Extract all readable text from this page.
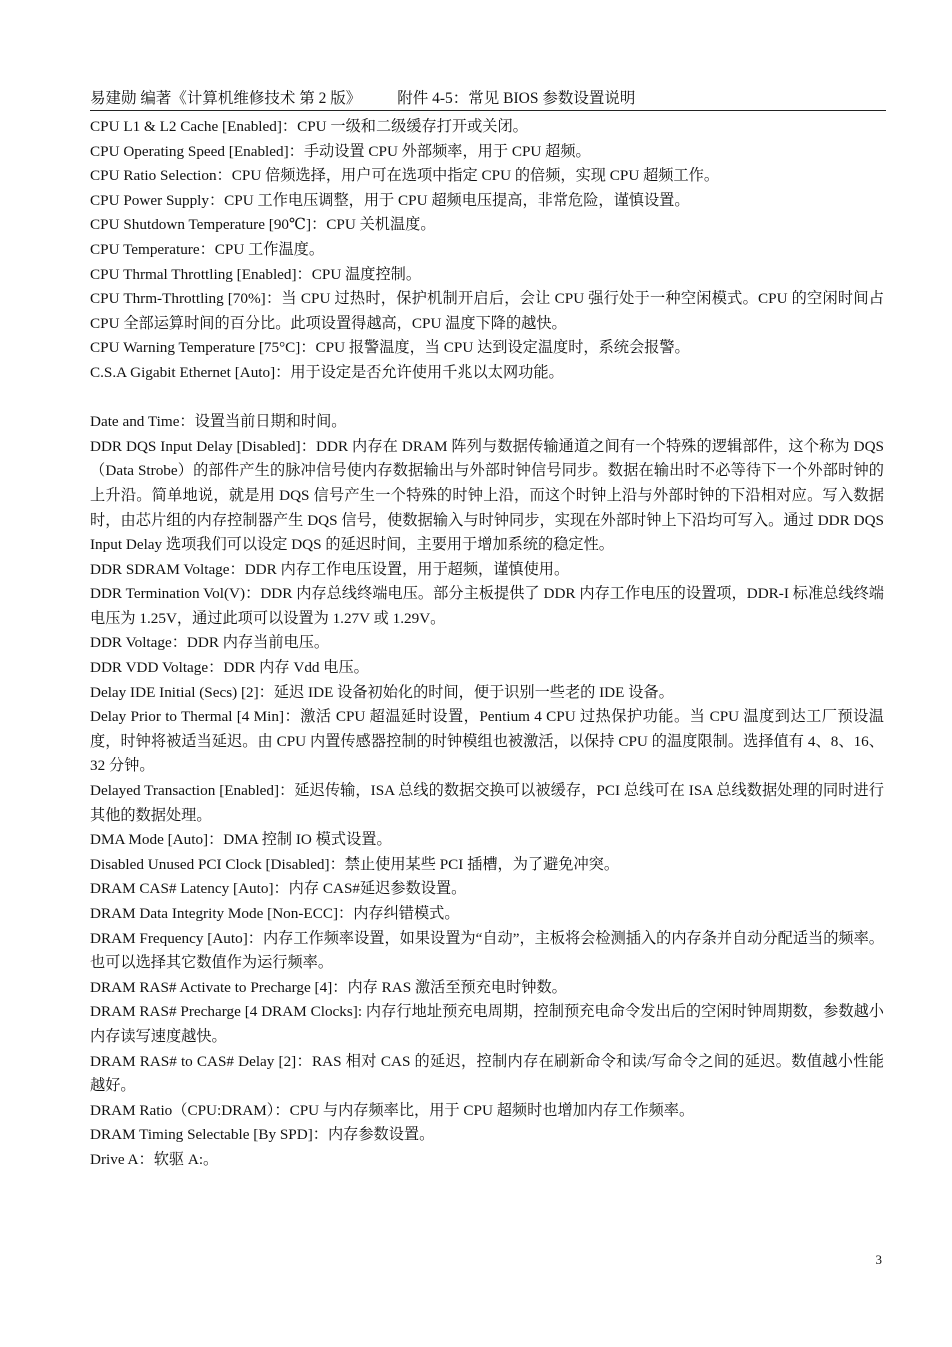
易建勋 编著《计算机维修技术 第 2 版》 附件 4-5：常见 BIOS 参数设置说明

CPU L1 & L2 Cache [Enabled]：CPU 一级和二级缓存打开或关闭。

CPU Operating Speed [Enabled]：手动设置 CPU 外部频率，用于 CPU 超频。

CPU Ratio Selection：CPU 倍频选择，用户可在选项中指定 CPU 的倍频，实现 CPU 超频工作。

CPU Power Supply：CPU 工作电压调整，用于 CPU 超频电压提高，非常危险，谨慎设置。

CPU Shutdown Temperature [90℃]：CPU 关机温度。

CPU Temperature：CPU 工作温度。

CPU Thrmal Throttling [Enabled]：CPU 温度控制。

CPU Thrm-Throttling [70%]：当 CPU 过热时，保护机制开启后，会让 CPU 强行处于一种空闲模式。CPU 的空闲时间占 CPU 全部运算时间的百分比。此项设置得越高，CPU 温度下降的越快。

CPU Warning Temperature [75°C]：CPU 报警温度，当 CPU 达到设定温度时，系统会报警。

C.S.A Gigabit Ethernet [Auto]：用于设定是否允许使用千兆以太网功能。

Date and Time：设置当前日期和时间。

DDR DQS Input Delay [Disabled]：DDR 内存在 DRAM 阵列与数据传输通道之间有一个特殊的逻辑部件，这个称为 DQS（Data Strobe）的部件产生的脉冲信号使内存数据输出与外部时钟信号同步。数据在输出时不必等待下一个外部时钟的上升沿。简单地说，就是用 DQS 信号产生一个特殊的时钟上沿，而这个时钟上沿与外部时钟的下沿相对应。写入数据时，由芯片组的内存控制器产生 DQS 信号，使数据输入与时钟同步，实现在外部时钟上下沿均可写入。通过 DDR DQS Input Delay 选项我们可以设定 DQS 的延迟时间，主要用于增加系统的稳定性。

DDR SDRAM Voltage：DDR 内存工作电压设置，用于超频，谨慎使用。

DDR Termination Vol(V)：DDR 内存总线终端电压。部分主板提供了 DDR 内存工作电压的设置项，DDR-I 标准总线终端电压为 1.25V，通过此项可以设置为 1.27V 或 1.29V。

DDR Voltage：DDR 内存当前电压。

DDR VDD Voltage：DDR 内存 Vdd 电压。

Delay IDE Initial (Secs) [2]：延迟 IDE 设备初始化的时间，便于识别一些老的 IDE 设备。

Delay Prior to Thermal [4 Min]：激活 CPU 超温延时设置，Pentium 4 CPU 过热保护功能。当 CPU 温度到达工厂预设温度，时钟将被适当延迟。由 CPU 内置传感器控制的时钟模组也被激活，以保持 CPU 的温度限制。选择值有 4、8、16、32 分钟。

Delayed Transaction [Enabled]：延迟传输，ISA 总线的数据交换可以被缓存，PCI 总线可在 ISA 总线数据处理的同时进行其他的数据处理。

DMA Mode [Auto]：DMA 控制 IO 模式设置。

Disabled Unused PCI Clock [Disabled]：禁止使用某些 PCI 插槽，为了避免冲突。

DRAM CAS# Latency [Auto]：内存 CAS#延迟参数设置。

DRAM Data Integrity Mode [Non-ECC]：内存纠错模式。

DRAM Frequency [Auto]：内存工作频率设置，如果设置为“自动”，主板将会检测插入的内存条并自动分配适当的频率。也可以选择其它数值作为运行频率。

DRAM RAS# Activate to Precharge [4]：内存 RAS 激活至预充电时钟数。

DRAM RAS# Precharge [4 DRAM Clocks]: 内存行地址预充电周期，控制预充电命令发出后的空闲时钟周期数，参数越小内存读写速度越快。

DRAM RAS# to CAS# Delay [2]：RAS 相对 CAS 的延迟，控制内存在刷新命令和读/写命令之间的延迟。数值越小性能越好。

DRAM Ratio（CPU:DRAM）：CPU 与内存频率比，用于 CPU 超频时也增加内存工作频率。

DRAM Timing Selectable [By SPD]：内存参数设置。

Drive A：软驱 A:。

3
